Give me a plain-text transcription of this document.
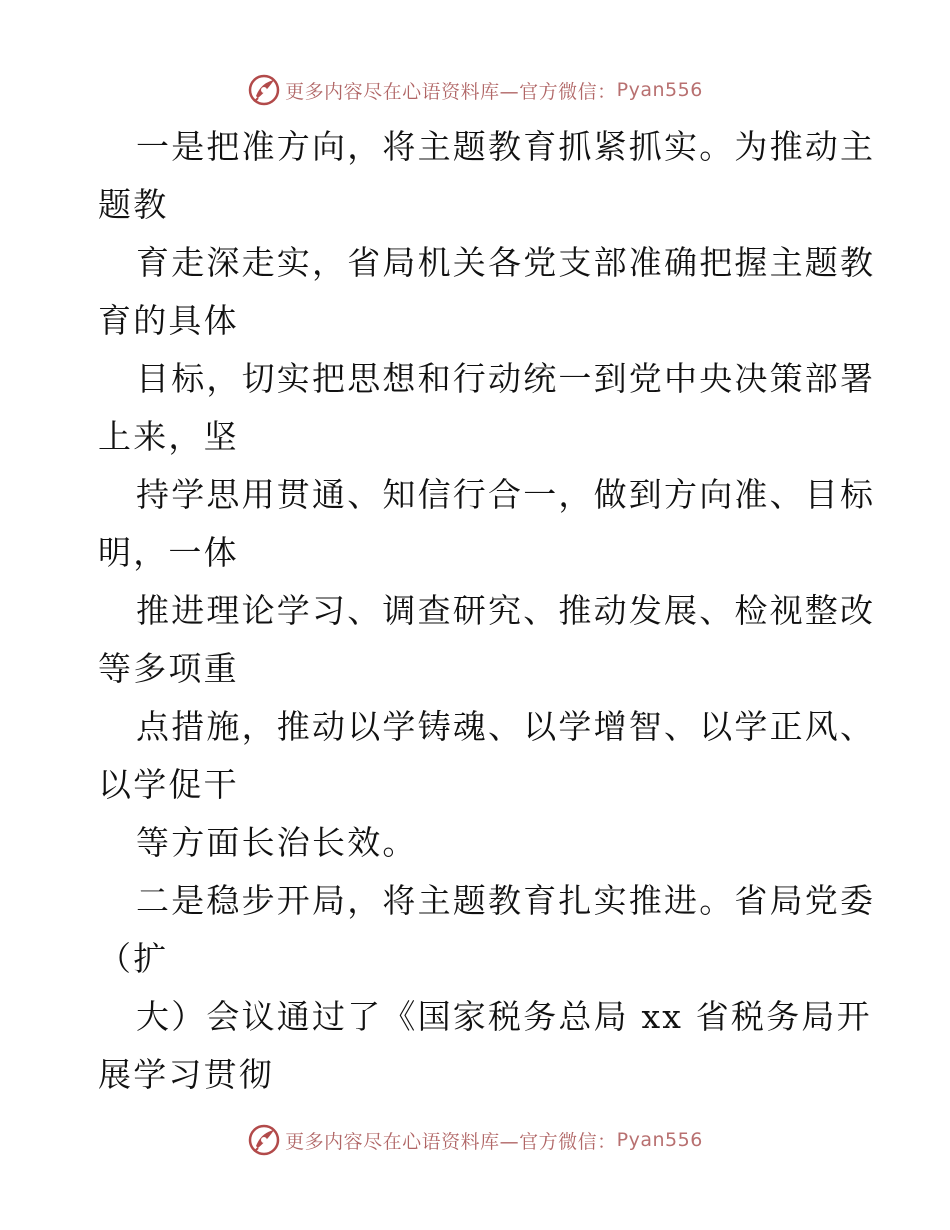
更多内容尽在心语资料库—官方微信： Pyan556
一是把准方向，将主题教育抓紧抓实。为推动主
题教
育走深走实，省局机关各党支部准确把握主题教
育的具体
目标，切实把思想和行动统一到党中央决策部署
上来，坚
持学思用贯通、知信行合一，做到方向准、目标
明，一体
推进理论学习、调查研究、推动发展、检视整改
等多项重
点措施，推动以学铸魂、以学增智、以学正风、
以学促干
等方面长治长效。
二是稳步开局，将主题教育扎实推进。省局党委
（扩
大）会议通过了《国家税务总局 xx 省税务局开
展学习贯彻
更多内容尽在心语资料库—官方微信： Pyan556
